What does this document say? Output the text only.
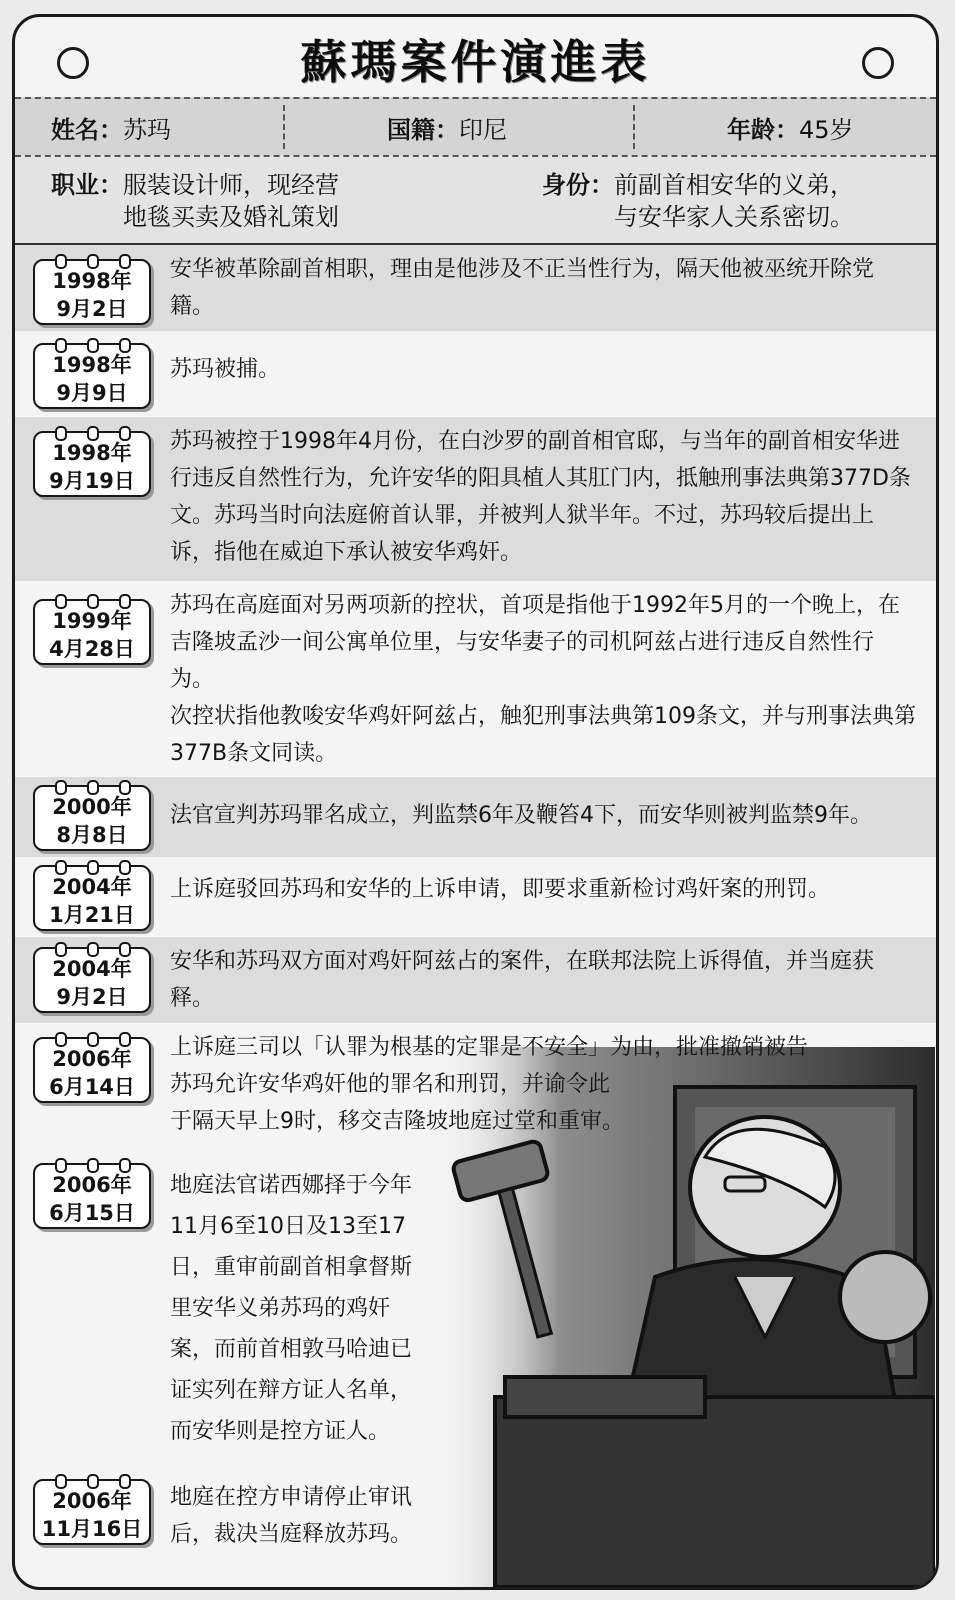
蘇瑪案件演進表
姓名： 苏玛	国籍： 印尼	年龄： 45岁
职业： 服装设计师，现经营
地毯买卖及婚礼策划
身份： 前副首相安华的义弟，
与安华家人关系密切。
1998年
9月2日
安华被革除副首相职，理由是他涉及不正当性行为，隔天他被巫统开除党籍。
1998年
9月9日
苏玛被捕。
1998年
9月19日
苏玛被控于1998年4月份，在白沙罗的副首相官邸，与当年的副首相安华进行违反自然性行为，允许安华的阳具植人其肛门内，抵触刑事法典第377D条文。苏玛当时向法庭俯首认罪，并被判人狱半年。不过，苏玛较后提出上诉，指他在威迫下承认被安华鸡奸。
1999年
4月28日
苏玛在高庭面对另两项新的控状，首项是指他于1992年5月的一个晚上，在吉隆坡孟沙一间公寓单位里，与安华妻子的司机阿兹占进行违反自然性行为。
次控状指他教唆安华鸡奸阿兹占，触犯刑事法典第109条文，并与刑事法典第377B条文同读。
2000年
8月8日
法官宣判苏玛罪名成立，判监禁6年及鞭笞4下，而安华则被判监禁9年。
2004年
1月21日
上诉庭驳回苏玛和安华的上诉申请，即要求重新检讨鸡奸案的刑罚。
2004年
9月2日
安华和苏玛双方面对鸡奸阿兹占的案件，在联邦法院上诉得值，并当庭获释。
2006年
6月14日
上诉庭三司以「认罪为根基的定罪是不安全」为由，批准撤销被告
苏玛允许安华鸡奸他的罪名和刑罚，并谕令此
于隔天早上9时，移交吉隆坡地庭过堂和重审。
2006年
6月15日
地庭法官诺西娜择于今年11月6至10日及13至17日，重审前副首相拿督斯里安华义弟苏玛的鸡奸案，而前首相敦马哈迪已证实列在辩方证人名单，而安华则是控方证人。
2006年
11月16日
地庭在控方申请停止审讯后，裁决当庭释放苏玛。
